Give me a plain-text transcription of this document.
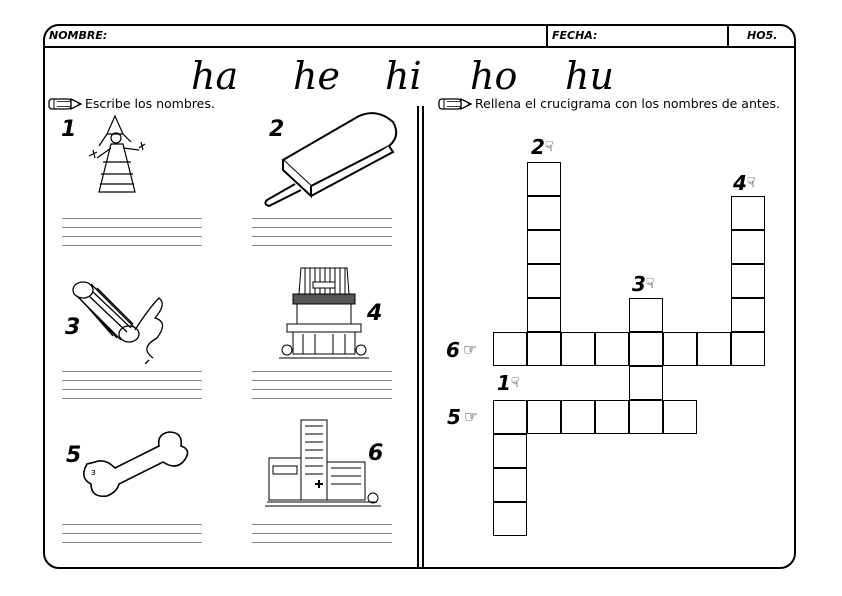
NOMBRE:	FECHA:	HO5.
ha he hi ho hu
Escribe los nombres.	Rellena el crucigrama con los nombres de antes.
1	2
3
4
5
з
6
2 ☟
4 ☟
3 ☟
6 ☞
1 ☟
5 ☞
